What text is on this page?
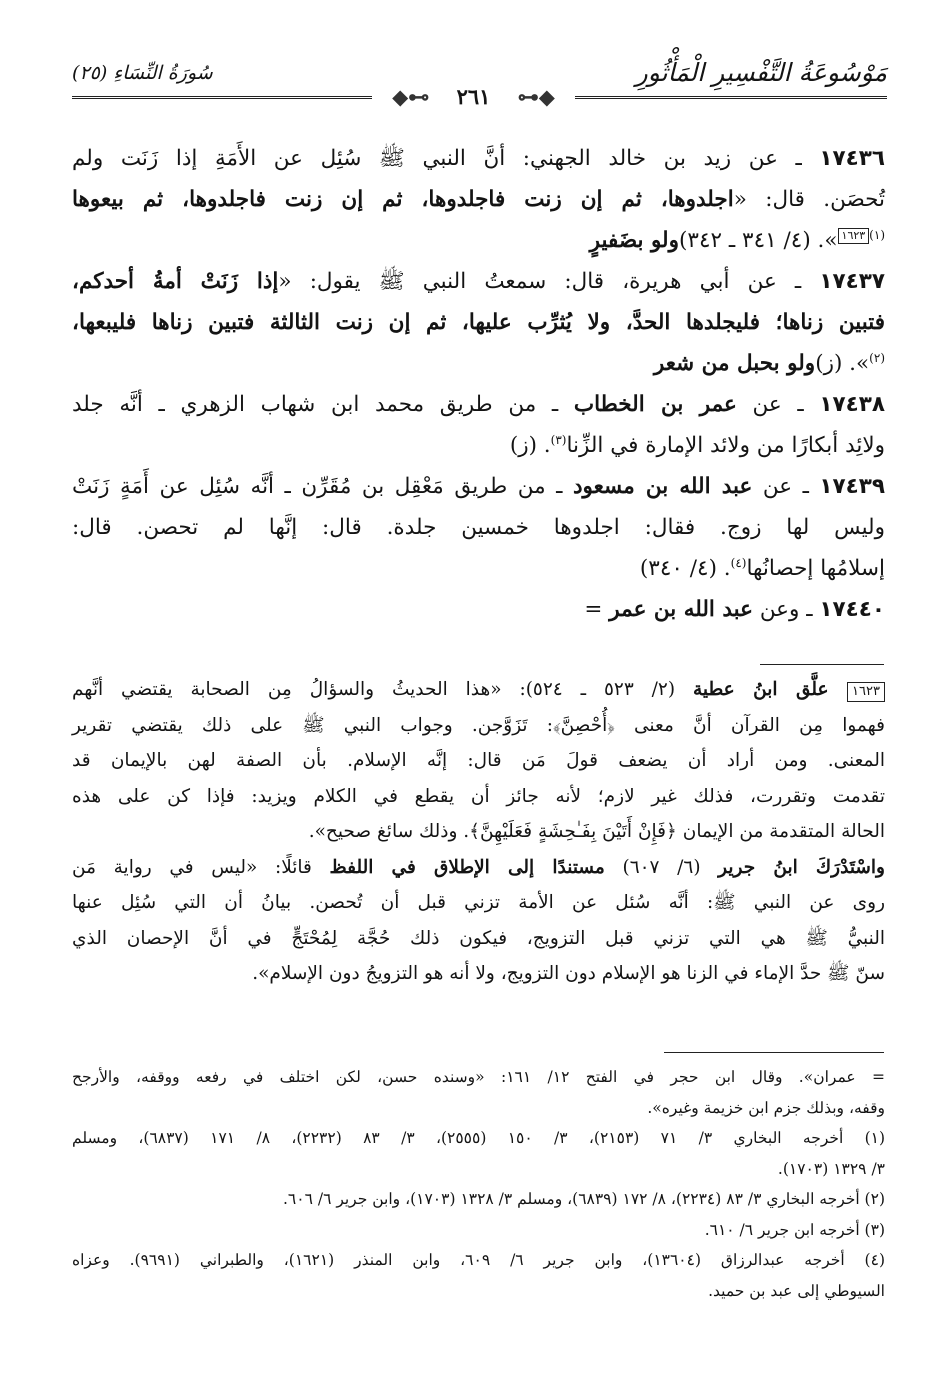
مَوْسُوعَةُ التَّفْسِيرِ الْمَأْثُورِ
سُورَةُ النِّسَاءِ (٢٥)
◆⊷ ٢٦١ ⊶◆
١٧٤٣٦ ـ عن زيد بن خالد الجهني: أنَّ النبي ﷺ سُئِل عن الأَمَةِ إذا زَنَت ولم
تُحصَن. قال: «اجلدوها، ثم إن زنت فاجلدوها، ثم إن زنت فاجلدوها، ثم بيعوها
$^{(١)}$١٦٢٣». (٤/ ٣٤١ ـ ٣٤٢)ولو بضَفيرٍ
١٧٤٣٧ ـ عن أبي هريرة، قال: سمعتُ النبي ﷺ يقول: «إذا زَنَتْ أمةُ أحدكم،
فتبين زناها؛ فليجلدها الحدَّ، ولا يُثرِّب عليها، ثم إن زنت الثالثة فتبين زناها فليبعها،
$^{(٢)}$». (ز)ولو بحبل من شعر
١٧٤٣٨ ـ عن عمر بن الخطاب ـ من طريق محمد ابن شهاب الزهري ـ أنَّه جلد
ولائِد أبكارًا من ولائد الإمارة في الزِّنا$^{(٣)}$. (ز)
١٧٤٣٩ ـ عن عبد الله بن مسعود ـ من طريق مَعْقِل بن مُقَرِّن ـ أنَّه سُئِل عن أَمَةٍ زَنَتْ
وليس لها زوج. فقال: اجلدوها خمسين جلدة. قال: إنَّها لم تحصن. قال:
إسلامُها إحصانُها$^{(٤)}$. (٤/ ٣٤٠)
١٧٤٤٠ ـ وعن عبد الله بن عمر =
١٦٢٣ علَّق ابنُ عطية (٢/ ٥٢٣ ـ ٥٢٤): «هذا الحديثُ والسؤالُ مِن الصحابة يقتضي أنَّهم
فهموا مِن القرآن أنَّ معنى ﴿أُحْصِنَّ﴾: تَزَوَّجن. وجواب النبي ﷺ على ذلك يقتضي تقرير
المعنى. ومن أراد أن يضعف قولَ مَن قال: إنَّه الإسلام. بأن الصفة لهن بالإيمان قد
تقدمت وتقررت، فذلك غير لازم؛ لأنه جائز أن يقطع في الكلام ويزيد: فإذا كن على هذه
الحالة المتقدمة من الإيمان ﴿فَإِنْ أَتَيْنَ بِفَـٰحِشَةٍ فَعَلَيْهِنَّ﴾. وذلك سائغ صحيح».
واسْتَدْرَكَ ابنُ جرير (٦/ ٦٠٧) مستندًا إلى الإطلاق في اللفظ قائلًا: «ليس في رواية مَن
روى عن النبي ﷺ: أنَّه سُئل عن الأمة تزني قبل أن تُحصن. بيانُ أن التي سُئِل عنها
النبيُّ ﷺ هي التي تزني قبل التزويج، فيكون ذلك حُجَّة لِمُحْتَجٍّ في أنَّ الإحصان الذي
سنّ ﷺ حدَّ الإماء في الزنا هو الإسلام دون التزويج، ولا أنه هو التزويجُ دون الإسلام».
= عمران». وقال ابن حجر في الفتح ١٢/ ١٦١: «وسنده حسن، لكن اختلف في رفعه ووقفه، والأرجح
وقفه، وبذلك جزم ابن خزيمة وغيره».
(١) أخرجه البخاري ٣/ ٧١ (٢١٥٣)، ٣/ ١٥٠ (٢٥٥٥)، ٣/ ٨٣ (٢٢٣٢)، ٨/ ١٧١ (٦٨٣٧)، ومسلم
٣/ ١٣٢٩ (١٧٠٣).
(٢) أخرجه البخاري ٣/ ٨٣ (٢٢٣٤)، ٨/ ١٧٢ (٦٨٣٩)، ومسلم ٣/ ١٣٢٨ (١٧٠٣)، وابن جرير ٦/ ٦٠٦.
(٣) أخرجه ابن جرير ٦/ ٦١٠.
(٤) أخرجه عبدالرزاق (١٣٦٠٤)، وابن جرير ٦/ ٦٠٩، وابن المنذر (١٦٢١)، والطبراني (٩٦٩١). وعزاه
السيوطي إلى عبد بن حميد.
